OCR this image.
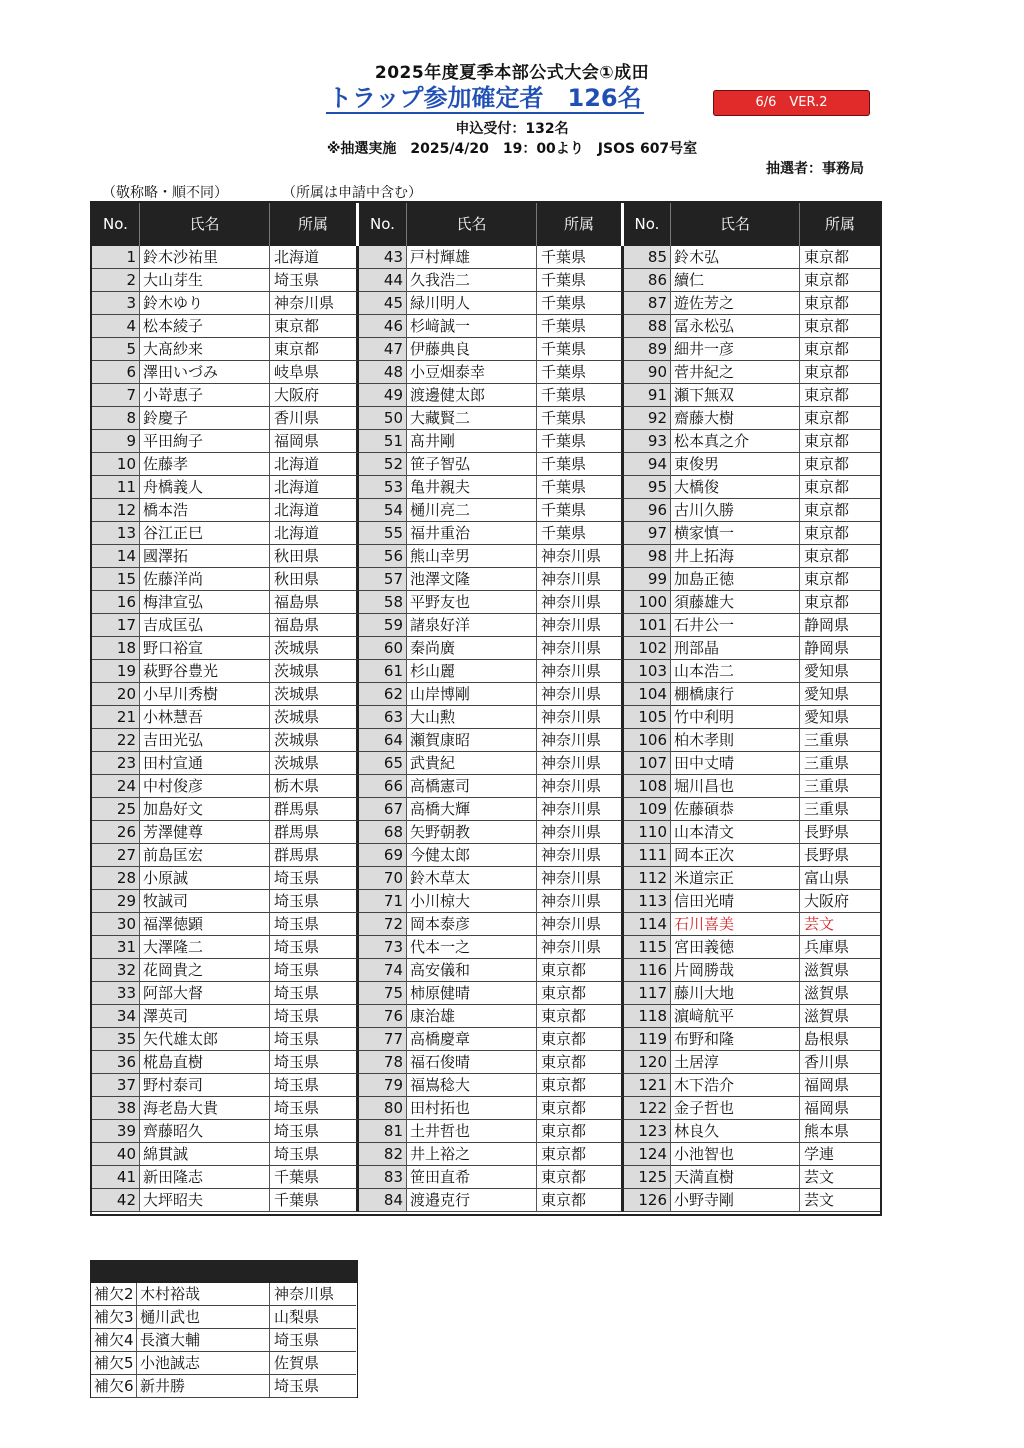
2025年度夏季本部公式大会①成田
トラップ参加確定者　126名	6/6　VER.2
申込受付：132名
※抽選実施　2025/4/20　19：00より　JSOS 607号室
抽選者：事務局
（敬称略・順不同）	（所属は申請中含む）
No.	氏名	所属	No.	氏名	所属	No.	氏名	所属
1 鈴木沙祐里	北海道	43 戸村輝雄	千葉県	85 鈴木弘	東京都
2 大山芽生	埼玉県	44 久我浩二	千葉県	86 續仁	東京都
3 鈴木ゆり	神奈川県	45 緑川明人	千葉県	87 遊佐芳之	東京都
4 松本綾子	東京都	46 杉﨑誠一	千葉県	88 冨永松弘	東京都
5 大髙紗来	東京都	47 伊藤典良	千葉県	89 細井一彦	東京都
6 澤田いづみ	岐阜県	48 小豆畑泰幸	千葉県	90 菅井紀之	東京都
7 小嵜恵子	大阪府	49 渡邊健太郎	千葉県	91 瀬下無双	東京都
8 鈴慶子	香川県	50 大藏賢二	千葉県	92 齋藤大樹	東京都
9 平田絢子	福岡県	51 髙井剛	千葉県	93 松本真之介	東京都
10 佐藤孝	北海道	52 笹子智弘	千葉県	94 東俊男	東京都
11 舟橋義人	北海道	53 亀井親夫	千葉県	95 大橋俊	東京都
12 橋本浩	北海道	54 樋川亮二	千葉県	96 古川久勝	東京都
13 谷江正巳	北海道	55 福井重治	千葉県	97 横家慎一	東京都
14 國澤拓	秋田県	56 熊山幸男	神奈川県	98 井上拓海	東京都
15 佐藤洋尚	秋田県	57 池澤文隆	神奈川県	99 加島正徳	東京都
16 梅津宣弘	福島県	58 平野友也	神奈川県	100 須藤雄大	東京都
17 吉成匡弘	福島県	59 諸泉好洋	神奈川県	101 石井公一	静岡県
18 野口裕宣	茨城県	60 秦尚廣	神奈川県	102 刑部晶	静岡県
19 萩野谷豊光	茨城県	61 杉山麗	神奈川県	103 山本浩二	愛知県
20 小早川秀樹	茨城県	62 山岸博剛	神奈川県	104 棚橋康行	愛知県
21 小林慧吾	茨城県	63 大山勲	神奈川県	105 竹中利明	愛知県
22 吉田光弘	茨城県	64 瀬賀康昭	神奈川県	106 柏木孝則	三重県
23 田村宣通	茨城県	65 武貴紀	神奈川県	107 田中丈晴	三重県
24 中村俊彦	栃木県	66 高橋憲司	神奈川県	108 堀川昌也	三重県
25 加島好文	群馬県	67 高橋大輝	神奈川県	109 佐藤碩恭	三重県
26 芳澤健尊	群馬県	68 矢野朝教	神奈川県	110 山本清文	長野県
27 前島匡宏	群馬県	69 今健太郎	神奈川県	111 岡本正次	長野県
28 小原誠	埼玉県	70 鈴木草太	神奈川県	112 米道宗正	富山県
29 牧誠司	埼玉県	71 小川椋大	神奈川県	113 信田光晴	大阪府
30 福澤徳顕	埼玉県	72 岡本泰彦	神奈川県	114 石川喜美	芸文
31 大澤隆二	埼玉県	73 代本一之	神奈川県	115 宮田義徳	兵庫県
32 花岡貴之	埼玉県	74 高安儀和	東京都	116 片岡勝哉	滋賀県
33 阿部大督	埼玉県	75 柿原健晴	東京都	117 藤川大地	滋賀県
34 澤英司	埼玉県	76 康治雄	東京都	118 濵﨑航平	滋賀県
35 矢代雄太郎	埼玉県	77 高橋慶章	東京都	119 布野和隆	島根県
36 椛島直樹	埼玉県	78 福石俊晴	東京都	120 土居淳	香川県
37 野村泰司	埼玉県	79 福嶌稔大	東京都	121 木下浩介	福岡県
38 海老島大貴	埼玉県	80 田村拓也	東京都	122 金子哲也	福岡県
39 齊藤昭久	埼玉県	81 土井哲也	東京都	123 林良久	熊本県
40 綿貫誠	埼玉県	82 井上裕之	東京都	124 小池智也	学連
41 新田隆志	千葉県	83 笹田直希	東京都	125 天満直樹	芸文
42 大坪昭夫	千葉県	84 渡邉克行	東京都	126 小野寺剛	芸文
補欠2 木村裕哉	神奈川県
補欠3 樋川武也	山梨県
補欠4 長濱大輔	埼玉県
補欠5 小池誠志	佐賀県
補欠6 新井勝	埼玉県
